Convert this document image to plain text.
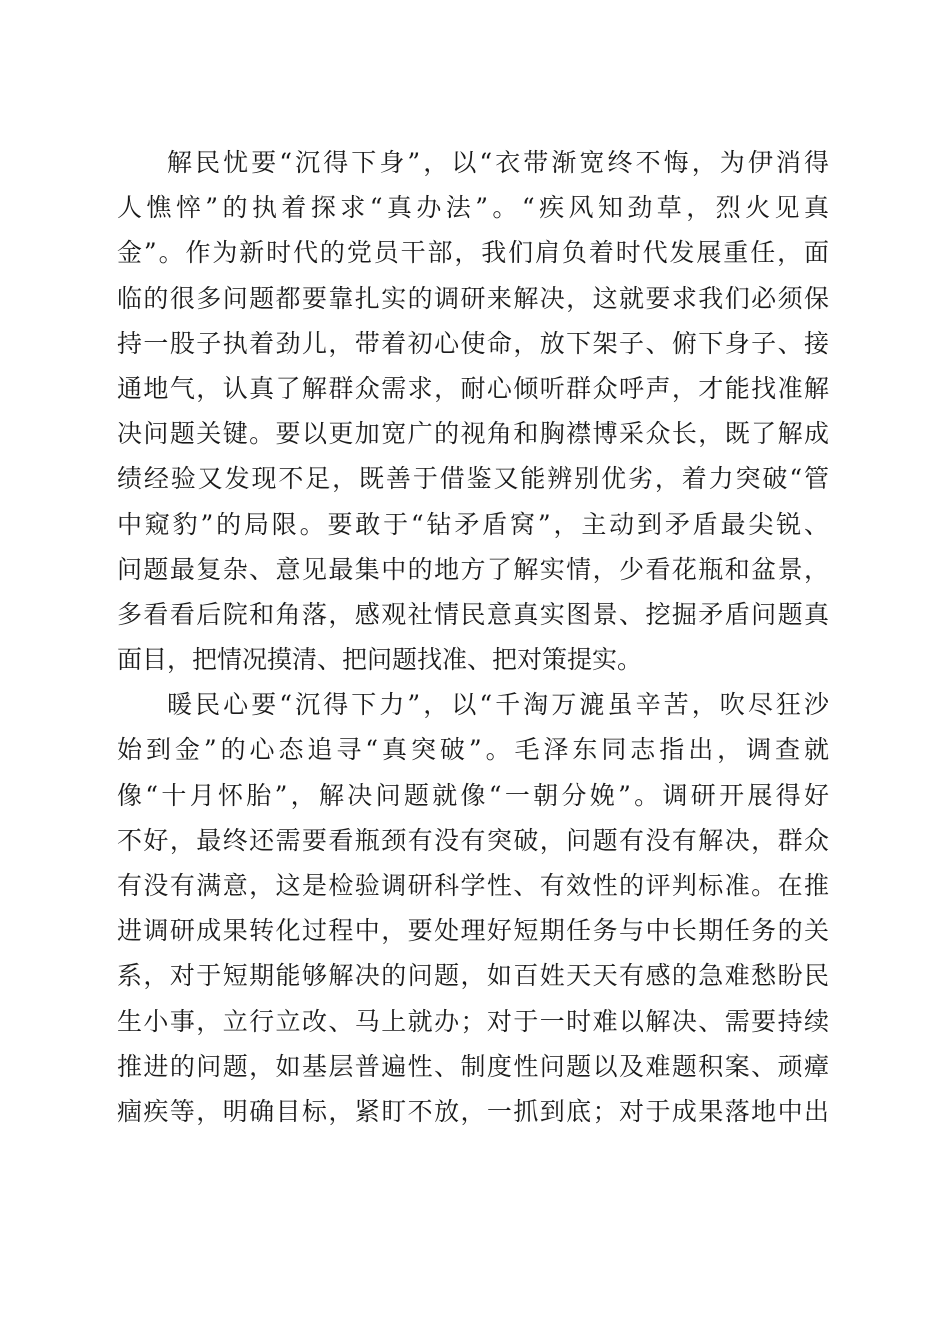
解民忧要“沉得下身”，以“衣带渐宽终不悔，为伊消得
人憔悴”的执着探求“真办法”。“疾风知劲草，烈火见真
金”。作为新时代的党员干部，我们肩负着时代发展重任，面
临的很多问题都要靠扎实的调研来解决，这就要求我们必须保
持一股子执着劲儿，带着初心使命，放下架子、俯下身子、接
通地气，认真了解群众需求，耐心倾听群众呼声，才能找准解
决问题关键。要以更加宽广的视角和胸襟博采众长，既了解成
绩经验又发现不足，既善于借鉴又能辨别优劣，着力突破“管
中窥豹”的局限。要敢于“钻矛盾窝”，主动到矛盾最尖锐、
问题最复杂、意见最集中的地方了解实情，少看花瓶和盆景，
多看看后院和角落，感观社情民意真实图景、挖掘矛盾问题真
面目，把情况摸清、把问题找准、把对策提实。
暖民心要“沉得下力”，以“千淘万漉虽辛苦，吹尽狂沙
始到金”的心态追寻“真突破”。毛泽东同志指出，调查就
像“十月怀胎”，解决问题就像“一朝分娩”。调研开展得好
不好，最终还需要看瓶颈有没有突破，问题有没有解决，群众
有没有满意，这是检验调研科学性、有效性的评判标准。在推
进调研成果转化过程中，要处理好短期任务与中长期任务的关
系，对于短期能够解决的问题，如百姓天天有感的急难愁盼民
生小事，立行立改、马上就办；对于一时难以解决、需要持续
推进的问题，如基层普遍性、制度性问题以及难题积案、顽瘴
痼疾等，明确目标，紧盯不放，一抓到底；对于成果落地中出
